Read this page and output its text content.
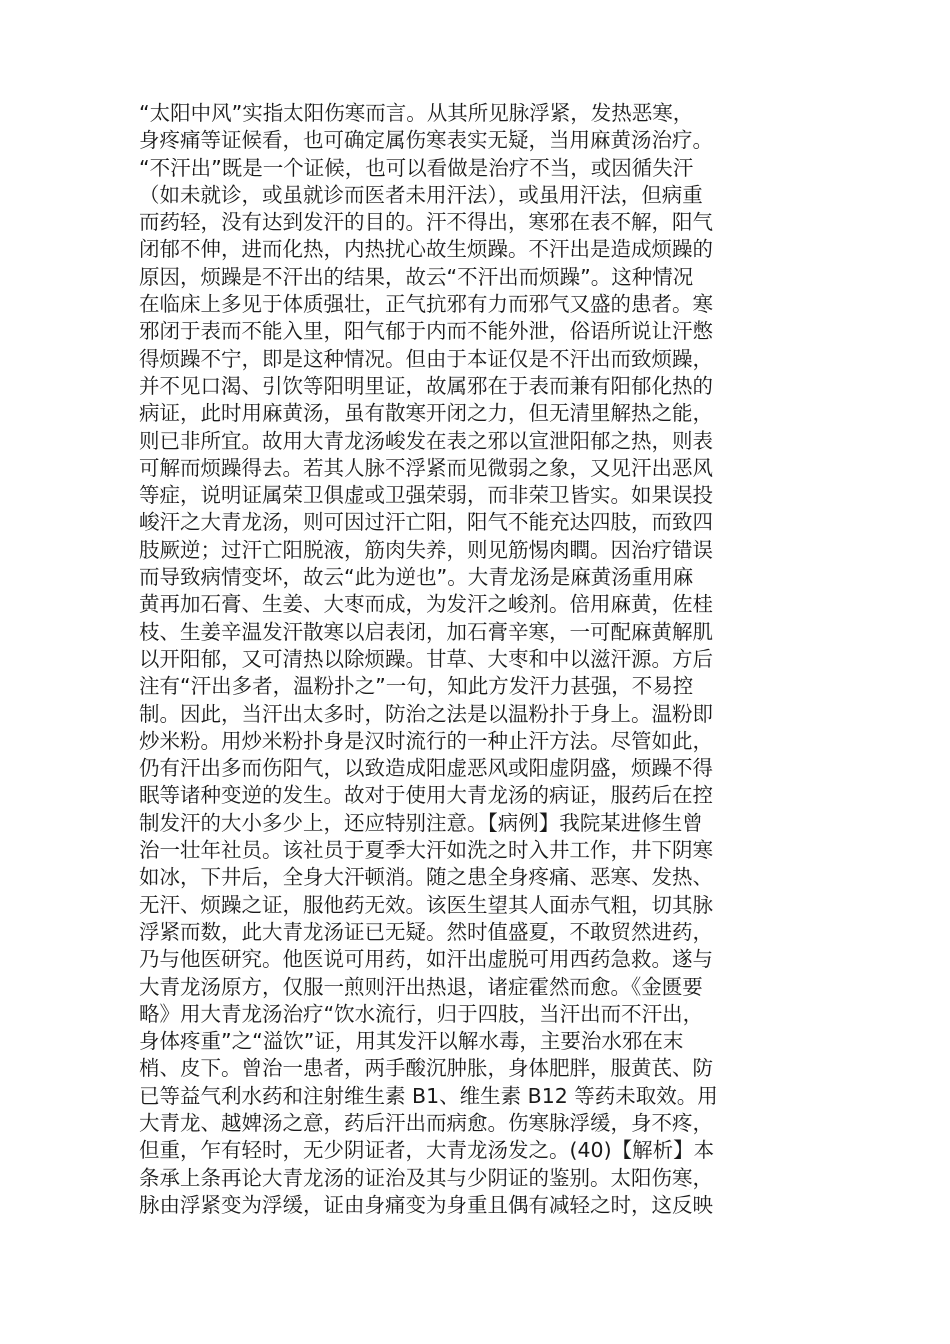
“太阳中风”实指太阳伤寒而言。从其所见脉浮紧，发热恶寒，
身疼痛等证候看，也可确定属伤寒表实无疑，当用麻黄汤治疗。
“不汗出”既是一个证候，也可以看做是治疗不当，或因循失汗
（如未就诊，或虽就诊而医者未用汗法），或虽用汗法，但病重
而药轻，没有达到发汗的目的。汗不得出，寒邪在表不解，阳气
闭郁不伸，进而化热，内热扰心故生烦躁。不汗出是造成烦躁的
原因，烦躁是不汗出的结果，故云“不汗出而烦躁”。这种情况
在临床上多见于体质强壮，正气抗邪有力而邪气又盛的患者。寒
邪闭于表而不能入里，阳气郁于内而不能外泄，俗语所说让汗憋
得烦躁不宁，即是这种情况。但由于本证仅是不汗出而致烦躁，
并不见口渴、引饮等阳明里证，故属邪在于表而兼有阳郁化热的
病证，此时用麻黄汤，虽有散寒开闭之力，但无清里解热之能，
则已非所宜。故用大青龙汤峻发在表之邪以宣泄阳郁之热，则表
可解而烦躁得去。若其人脉不浮紧而见微弱之象，又见汗出恶风
等症，说明证属荣卫俱虚或卫强荣弱，而非荣卫皆实。如果误投
峻汗之大青龙汤，则可因过汗亡阳，阳气不能充达四肢，而致四
肢厥逆；过汗亡阳脱液，筋肉失养，则见筋惕肉瞤。因治疗错误
而导致病情变坏，故云“此为逆也”。大青龙汤是麻黄汤重用麻
黄再加石膏、生姜、大枣而成，为发汗之峻剂。倍用麻黄，佐桂
枝、生姜辛温发汗散寒以启表闭，加石膏辛寒，一可配麻黄解肌
以开阳郁，又可清热以除烦躁。甘草、大枣和中以滋汗源。方后
注有“汗出多者，温粉扑之”一句，知此方发汗力甚强，不易控
制。因此，当汗出太多时，防治之法是以温粉扑于身上。温粉即
炒米粉。用炒米粉扑身是汉时流行的一种止汗方法。尽管如此，
仍有汗出多而伤阳气，以致造成阳虚恶风或阳虚阴盛，烦躁不得
眠等诸种变逆的发生。故对于使用大青龙汤的病证，服药后在控
制发汗的大小多少上，还应特别注意。【病例】我院某进修生曾
治一壮年社员。该社员于夏季大汗如洗之时入井工作，井下阴寒
如冰，下井后，全身大汗顿消。随之患全身疼痛、恶寒、发热、
无汗、烦躁之证，服他药无效。该医生望其人面赤气粗，切其脉
浮紧而数，此大青龙汤证已无疑。然时值盛夏，不敢贸然进药，
乃与他医研究。他医说可用药，如汗出虚脱可用西药急救。遂与
大青龙汤原方，仅服一煎则汗出热退，诸症霍然而愈。《金匮要
略》用大青龙汤治疗“饮水流行，归于四肢，当汗出而不汗出，
身体疼重”之“溢饮”证，用其发汗以解水毒，主要治水邪在末
梢、皮下。曾治一患者，两手酸沉肿胀，身体肥胖，服黄芪、防
已等益气利水药和注射维生素 B1、维生素 B12 等药未取效。用
大青龙、越婢汤之意，药后汗出而病愈。伤寒脉浮缓，身不疼，
但重，乍有轻时，无少阴证者，大青龙汤发之。(40)【解析】本
条承上条再论大青龙汤的证治及其与少阴证的鉴别。太阳伤寒，
脉由浮紧变为浮缓，证由身痛变为身重且偶有减轻之时，这反映
